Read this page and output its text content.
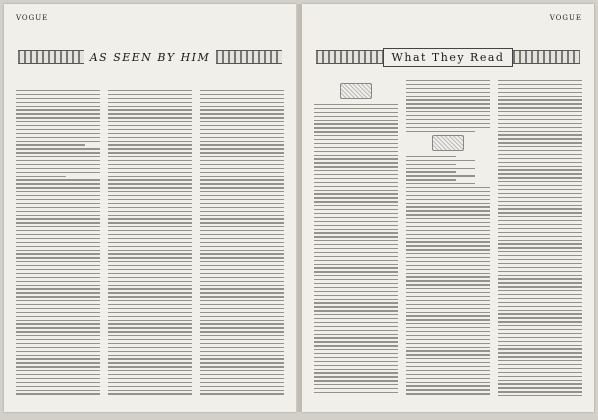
VOGUE
AS SEEN BY HIM
VOGUE
What They Read
